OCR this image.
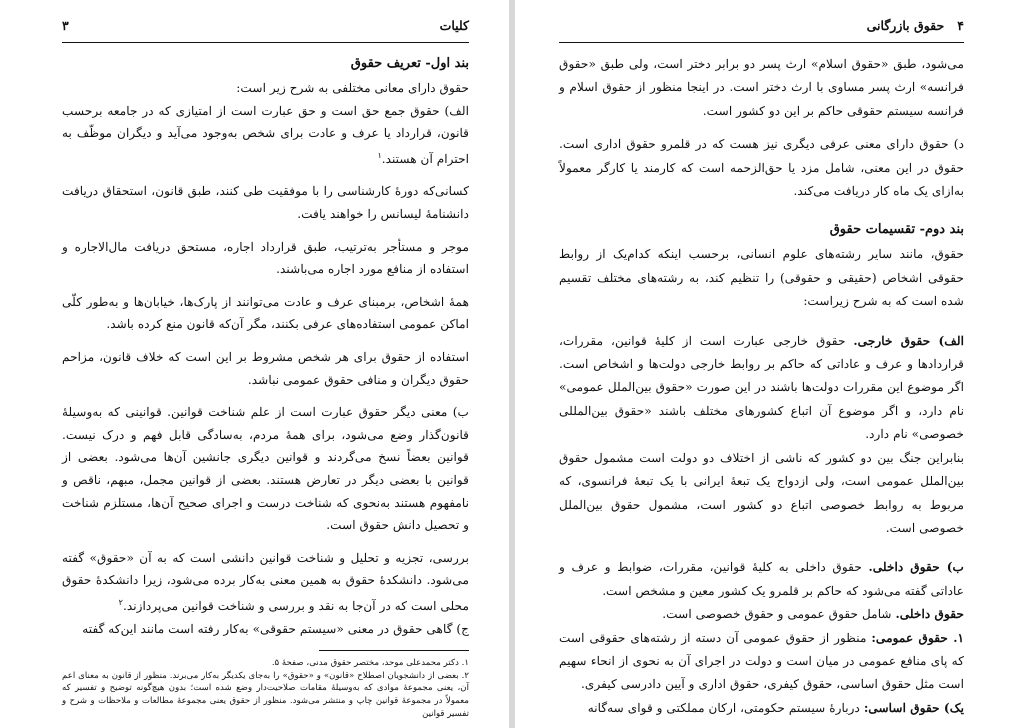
کلیات
۳
بند اول- تعریف حقوق

حقوق دارای معانی مختلفی به شرح زیر است:

الف) حقوق جمع حق است و حق عبارت است از امتیازی که در جامعه برحسب قانون، قرارداد یا عرف و عادت برای شخص به‌وجود می‌آید و دیگران موظّف به احترام آن هستند.$^۱$

کسانی‌که دورهٔ کارشناسی را با موفقیت طی کنند، طبق قانون، استحقاق دریافت دانشنامهٔ لیسانس را خواهند یافت.

موجر و مستأجر به‌ترتیب، طبق قرارداد اجاره، مستحق دریافت مال‌الاجاره و استفاده از منافع مورد اجاره می‌باشند.

همهٔ اشخاص، برمبنای عرف و عادت می‌توانند از پارک‌ها، خیابان‌ها و به‌طور کلّی اماکن عمومی استفاده‌های عرفی بکنند، مگر آن‌که قانون منع کرده باشد.

استفاده از حقوق برای هر شخص مشروط بر این است که خلاف قانون، مزاحم حقوق دیگران و منافی حقوق عمومی نباشد.

ب) معنی دیگر حقوق عبارت است از علم شناخت قوانین. قوانینی که به‌وسیلهٔ قانون‌گذار وضع می‌شود، برای همهٔ مردم، به‌سادگی قابل فهم و درک نیست. قوانین بعضاً نسخ می‌گردند و قوانین دیگری جانشین آن‌ها می‌شود. بعضی از قوانین با بعضی دیگر در تعارض هستند. بعضی از قوانین مجمل، مبهم، ناقص و نامفهوم هستند به‌نحوی که شناخت درست و اجرای صحیح آن‌ها، مستلزم شناخت و تحصیل دانش حقوق است.

بررسی، تجزیه و تحلیل و شناخت قوانین دانشی است که به آن «حقوق» گفته می‌شود. دانشکدهٔ حقوق به همین معنی به‌کار برده می‌شود، زیرا دانشکدهٔ حقوق محلی است که در آن‌جا به نقد و بررسی و شناخت قوانین می‌پردازند.$^۲$

ج) گاهی حقوق در معنی «سیستم حقوقی» به‌کار رفته است مانند این‌که گفته

۱. دکتر محمدعلی موحد، مختصر حقوق مدنی، صفحهٔ ۵.

۲. بعضی از دانشجویان اصطلاح «قانون» و «حقوق» را به‌جای یکدیگر به‌کار می‌برند. منظور از قانون به معنای اعم آن، یعنی مجموعهٔ موادی که به‌وسیلهٔ مقامات صلاحیت‌دار وضع شده است؛ بدون هیچ‌گونه توضیح و تفسیر که معمولاً در مجموعهٔ قوانین چاپ و منتشر می‌شود. منظور از حقوق یعنی مجموعهٔ مطالعات و ملاحظات و شرح و تفسیر قوانین

۴   حقوق بازرگانی

می‌شود، طبق «حقوق اسلام» ارث پسر دو برابر دختر است، ولی طبق «حقوق فرانسه» ارث پسر مساوی با ارث دختر است. در اینجا منظور از حقوق اسلام و فرانسه سیستم حقوقی حاکم بر این دو کشور است.

د) حقوق دارای معنی عرفی دیگری نیز هست که در قلمرو حقوق اداری است. حقوق در این معنی، شامل مزد یا حق‌الزحمه است که کارمند یا کارگر معمولاً به‌ازای یک ماه کار دریافت می‌کند.

بند دوم- تقسیمات حقوق

حقوق، مانند سایر رشته‌های علوم انسانی، برحسب اینکه کدام‌یک از روابط حقوقی اشخاص (حقیقی و حقوقی) را تنظیم کند، به رشته‌های مختلف تقسیم شده است که به شرح زیراست:

الف) حقوق خارجی. حقوق خارجی عبارت است از کلیهٔ قوانین، مقررات، قراردادها و عرف و عاداتی که حاکم بر روابط خارجی دولت‌ها و اشخاص است. اگر موضوع این مقررات دولت‌ها باشند در این صورت «حقوق بین‌الملل عمومی» نام دارد، و اگر موضوع آن اتباع کشورهای مختلف باشند «حقوق بین‌المللی خصوصی» نام دارد.

بنابراین جنگ بین دو کشور که ناشی از اختلاف دو دولت است مشمول حقوق بین‌الملل عمومی است، ولی ازدواج یک تبعهٔ ایرانی با یک تبعهٔ فرانسوی، که مربوط به روابط خصوصی اتباع دو کشور است، مشمول حقوق بین‌الملل خصوصی است.

ب) حقوق داخلی. حقوق داخلی به کلیهٔ قوانین، مقررات، ضوابط و عرف و عاداتی گفته می‌شود که حاکم بر قلمرو یک کشور معین و مشخص است.

حقوق داخلی. شامل حقوق عمومی و حقوق خصوصی است.

۱. حقوق عمومی: منظور از حقوق عمومی آن دسته از رشته‌های حقوقی است که پای منافع عمومی در میان است و دولت در اجرای آن به نحوی از انحاء سهیم است مثل حقوق اساسی، حقوق کیفری، حقوق اداری و آیین دادرسی کیفری.

یک) حقوق اساسی: دربارهٔ سیستم حکومتی، ارکان مملکتی و قوای سه‌گانه
